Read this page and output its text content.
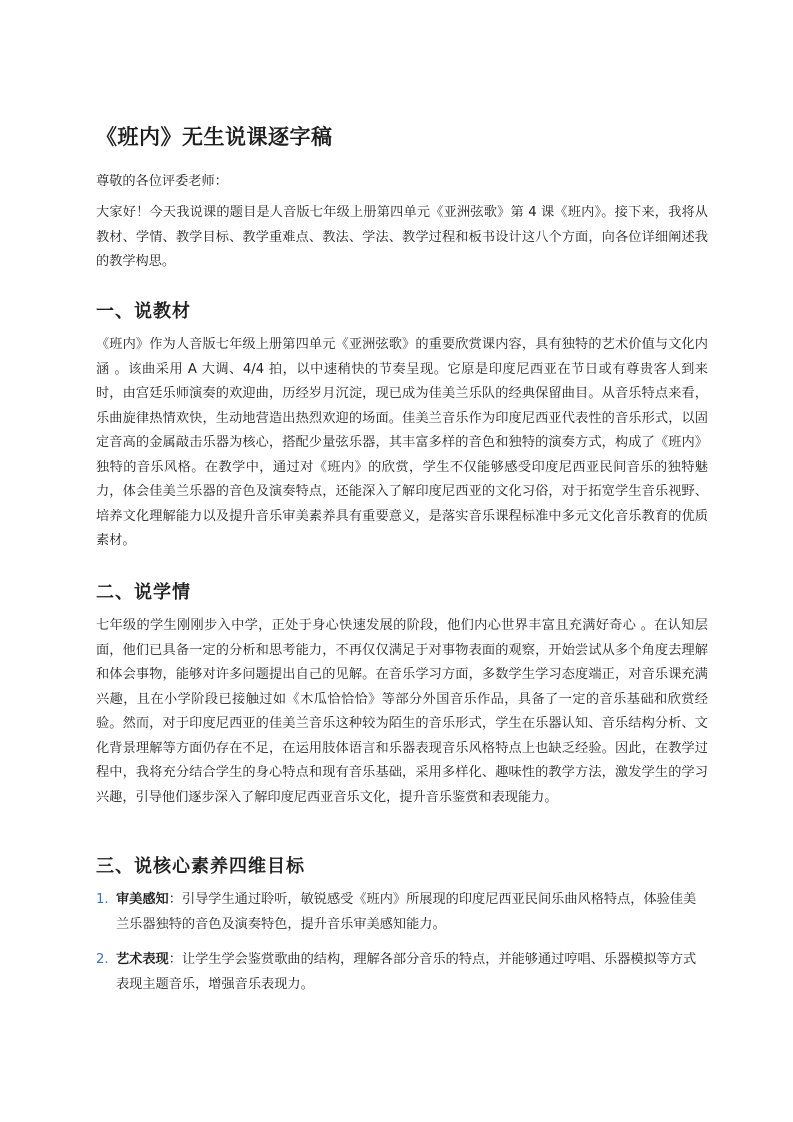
《班内》无生说课逐字稿

尊敬的各位评委老师：

大家好！今天我说课的题目是人音版七年级上册第四单元《亚洲弦歌》第 4 课《班内》。接下来，我将从教材、学情、教学目标、教学重难点、教法、学法、教学过程和板书设计这八个方面，向各位详细阐述我的教学构思。

一、说教材

《班内》作为人音版七年级上册第四单元《亚洲弦歌》的重要欣赏课内容，具有独特的艺术价值与文化内涵 。该曲采用 A 大调、4/4 拍，以中速稍快的节奏呈现。它原是印度尼西亚在节日或有尊贵客人到来时，由宫廷乐师演奏的欢迎曲，历经岁月沉淀，现已成为佳美兰乐队的经典保留曲目。从音乐特点来看，乐曲旋律热情欢快，生动地营造出热烈欢迎的场面。佳美兰音乐作为印度尼西亚代表性的音乐形式，以固定音高的金属敲击乐器为核心，搭配少量弦乐器，其丰富多样的音色和独特的演奏方式，构成了《班内》独特的音乐风格。在教学中，通过对《班内》的欣赏，学生不仅能够感受印度尼西亚民间音乐的独特魅力，体会佳美兰乐器的音色及演奏特点，还能深入了解印度尼西亚的文化习俗，对于拓宽学生音乐视野、培养文化理解能力以及提升音乐审美素养具有重要意义，是落实音乐课程标准中多元文化音乐教育的优质素材。

二、说学情

七年级的学生刚刚步入中学，正处于身心快速发展的阶段，他们内心世界丰富且充满好奇心 。在认知层面，他们已具备一定的分析和思考能力，不再仅仅满足于对事物表面的观察，开始尝试从多个角度去理解和体会事物，能够对许多问题提出自己的见解。在音乐学习方面，多数学生学习态度端正，对音乐课充满兴趣，且在小学阶段已接触过如《木瓜恰恰恰》等部分外国音乐作品，具备了一定的音乐基础和欣赏经验。然而，对于印度尼西亚的佳美兰音乐这种较为陌生的音乐形式，学生在乐器认知、音乐结构分析、文化背景理解等方面仍存在不足，在运用肢体语言和乐器表现音乐风格特点上也缺乏经验。因此，在教学过程中，我将充分结合学生的身心特点和现有音乐基础，采用多样化、趣味性的教学方法，激发学生的学习兴趣，引导他们逐步深入了解印度尼西亚音乐文化，提升音乐鉴赏和表现能力。

三、说核心素养四维目标
1. 审美感知：引导学生通过聆听，敏锐感受《班内》所展现的印度尼西亚民间乐曲风格特点，体验佳美兰乐器独特的音色及演奏特色，提升音乐审美感知能力。
2. 艺术表现：让学生学会鉴赏歌曲的结构，理解各部分音乐的特点，并能够通过哼唱、乐器模拟等方式表现主题音乐，增强音乐表现力。
